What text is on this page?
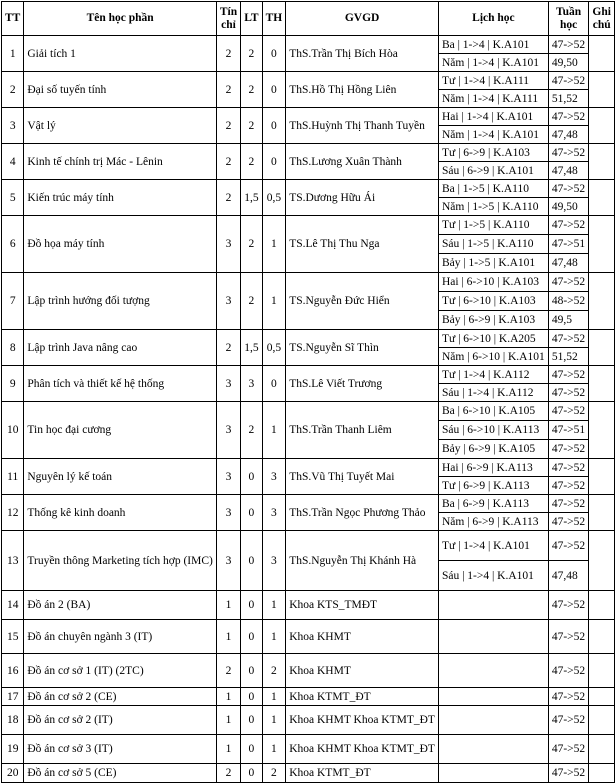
TT	Tên học phần	Tín chỉ	LT	TH	GVGD	Lịch học	Tuần học	Ghi chú
1	Giải tích 1	2	2	0	ThS.Trần Thị Bích Hòa	Ba | 1->4 | K.A101	47->52	
						Năm | 1->4 | K.A101	49,50	
2	Đại số tuyến tính	2	2	0	ThS.Hồ Thị Hồng Liên	Tư | 1->4 | K.A111	47->52	
						Năm | 1->4 | K.A111	51,52	
3	Vật lý	2	2	0	ThS.Huỳnh Thị Thanh Tuyền	Hai | 1->4 | K.A101	47->52	
						Năm | 1->4 | K.A101	47,48	
4	Kinh tế chính trị Mác - Lênin	2	2	0	ThS.Lương Xuân Thành	Tư | 6->9 | K.A103	47->52	
						Sáu | 6->9 | K.A101	47,48	
5	Kiến trúc máy tính	2	1,5	0,5	TS.Dương Hữu Ái	Ba | 1->5 | K.A110	47->52	
						Năm | 1->5 | K.A110	49,50	
6	Đồ họa máy tính	3	2	1	TS.Lê Thị Thu Nga	Tư | 1->5 | K.A110	47->52	
						Sáu | 1->5 | K.A110	47->51	
						Bảy | 1->5 | K.A101	47,48	
7	Lập trình hướng đối tượng	3	2	1	TS.Nguyễn Đức Hiển	Hai | 6->10 | K.A103	47->52	
						Tư | 6->10 | K.A103	48->52	
						Bảy | 6->9 | K.A103	49,5	
8	Lập trình Java nâng cao	2	1,5	0,5	TS.Nguyễn Sĩ Thìn	Tư | 6->10 | K.A205	47->52	
						Năm | 6->10 | K.A101	51,52	
9	Phân tích và thiết kế hệ thống	3	3	0	ThS.Lê Viết Trương	Tư | 1->4 | K.A112	47->52	
						Sáu | 1->4 | K.A112	47->52	
10	Tin học đại cương	3	2	1	ThS.Trần Thanh Liêm	Ba | 6->10 | K.A105	47->52	
						Sáu | 6->10 | K.A113	47->51	
						Bảy | 6->9 | K.A105	47->52	
11	Nguyên lý kế toán	3	0	3	ThS.Vũ Thị Tuyết Mai	Hai | 6->9 | K.A113	47->52	
						Tư | 6->9 | K.A113	47->52	
12	Thống kê kinh doanh	3	0	3	ThS.Trần Ngọc Phương Thảo	Ba | 6->9 | K.A113	47->52	
						Năm | 6->9 | K.A113	47->52	
13	Truyền thông Marketing tích hợp (IMC)	3	0	3	ThS.Nguyễn Thị Khánh Hà	Tư | 1->4 | K.A101	47->52	
						Sáu | 1->4 | K.A101	47,48	
14	Đồ án 2 (BA)	1	0	1	Khoa KTS_TMĐT		47->52	
15	Đồ án chuyên ngành 3 (IT)	1	0	1	Khoa KHMT		47->52	
16	Đồ án cơ sở 1 (IT) (2TC)	2	0	2	Khoa KHMT		47->52	
17	Đồ án cơ sở 2 (CE)	1	0	1	Khoa KTMT_ĐT		47->52	
18	Đồ án cơ sở 2 (IT)	1	0	1	Khoa KHMT Khoa KTMT_ĐT		47->52	
19	Đồ án cơ sở 3 (IT)	1	0	1	Khoa KHMT Khoa KTMT_ĐT		47->52	
20	Đồ án cơ sở 5 (CE)	2	0	2	Khoa KTMT_ĐT		47->52	
